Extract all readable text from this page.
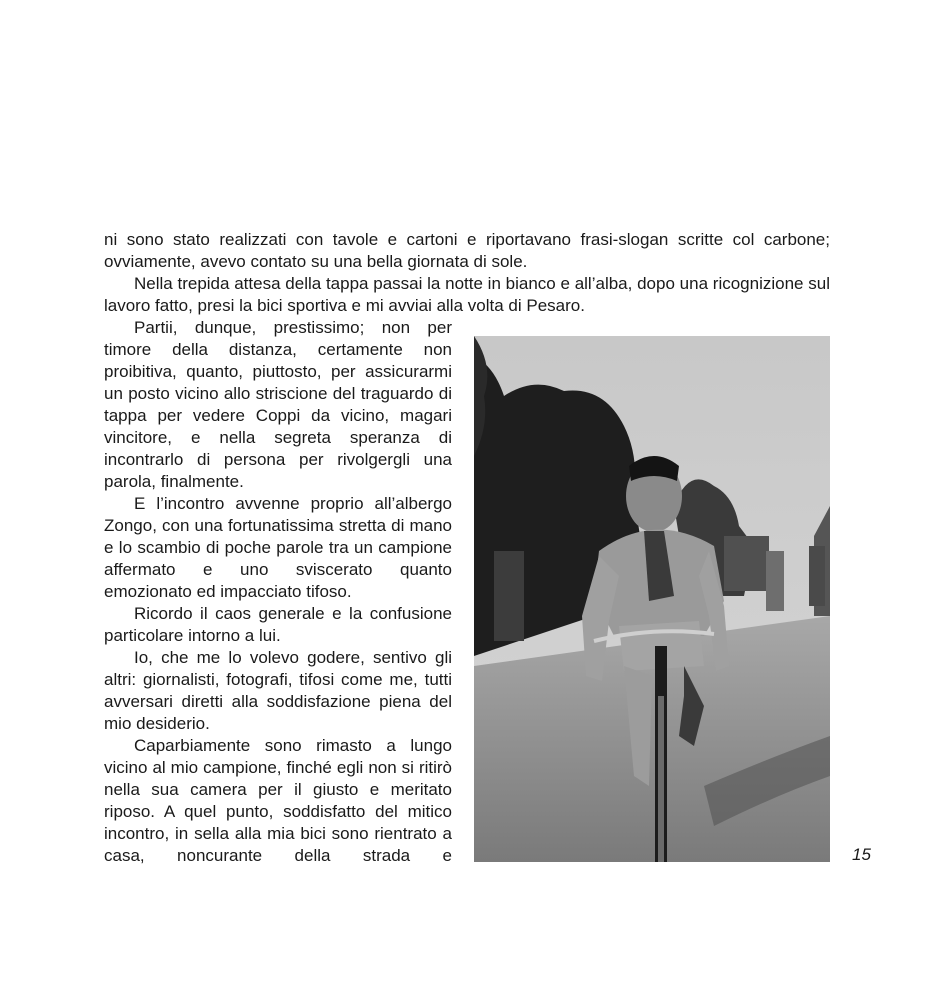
ni sono stato realizzati con tavole e cartoni e riportavano frasi-slogan scritte col carbone; ovviamente, avevo contato su una bella giornata di sole.

Nella trepida attesa della tappa passai la notte in bianco e all’alba, dopo una ricognizione sul lavoro fatto, presi la bici sportiva e mi avviai alla volta di Pesaro.

Partii, dunque, prestissimo; non per timore della distanza, certamente non proibitiva, quanto, piuttosto, per assicurarmi un posto vicino allo striscione del traguardo di tappa per vedere Coppi da vicino, magari vincitore, e nella segreta speranza di incontrarlo di persona per rivolgergli una parola, finalmente.

E l’incontro avvenne proprio all’albergo Zongo, con una fortunatissima stretta di mano e lo scambio di poche parole tra un campione affermato e uno sviscerato quanto emozionato ed impacciato tifoso.

Ricordo il caos generale e la confusione particolare intorno a lui.

Io, che me lo volevo godere, sentivo gli altri: giornalisti, fotografi, tifosi come me, tutti avversari diretti alla soddisfazione piena del mio desiderio.

Caparbiamente sono rimasto a lungo vicino al mio campione, finché egli non si ritirò nella sua camera per il giusto e meritato riposo. A quel punto, soddisfatto del mitico incontro, in sella alla mia bici sono rientrato a casa, noncurante della strada e	15
